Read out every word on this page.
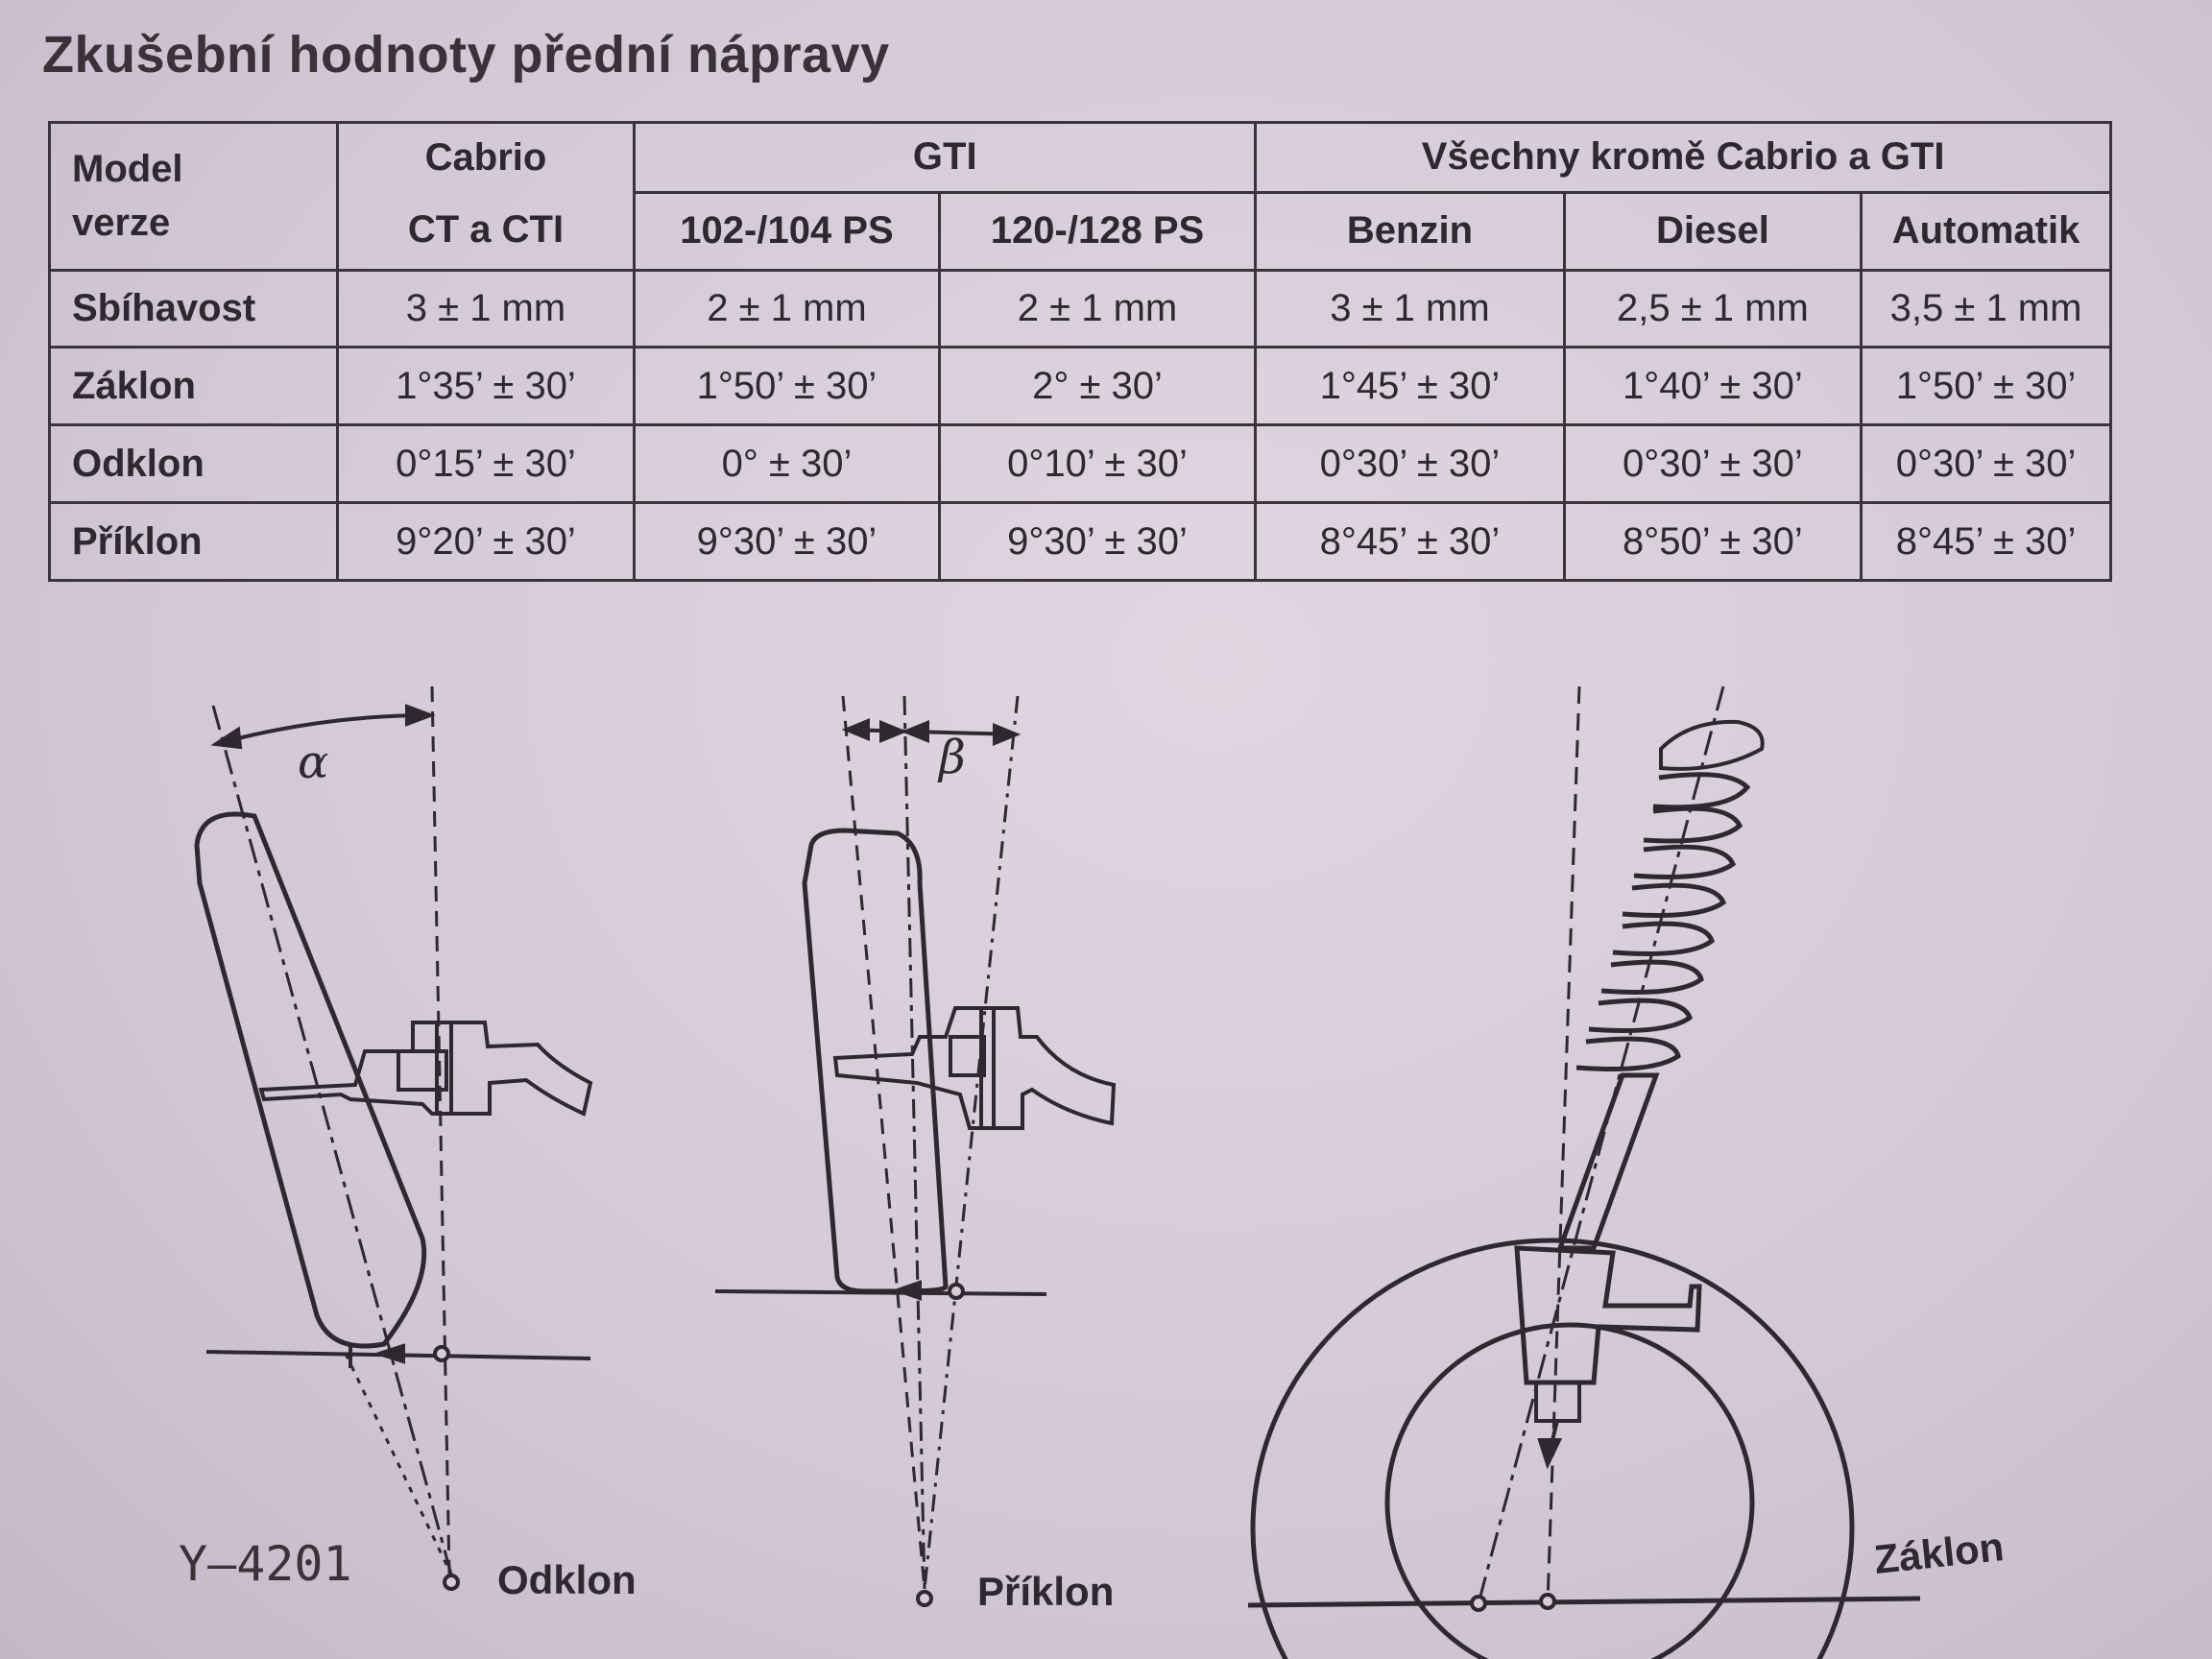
Zkušební hodnoty přední nápravy
Model
verze	Cabrio	GTI		Všechny kromě Cabrio a GTI		
	CT a CTI	102-/104 PS	120-/128 PS	Benzin	Diesel	Automatik
Sbíhavost	3 ± 1 mm	2 ± 1 mm	2 ± 1 mm	3 ± 1 mm	2,5 ± 1 mm	3,5 ± 1 mm
Záklon	1°35’ ± 30’	1°50’ ± 30’	2° ± 30’	1°45’ ± 30’	1°40’ ± 30’	1°50’ ± 30’
Odklon	0°15’ ± 30’	0° ± 30’	0°10’ ± 30’	0°30’ ± 30’	0°30’ ± 30’	0°30’ ± 30’
Příklon	9°20’ ± 30’	9°30’ ± 30’	9°30’ ± 30’	8°45’ ± 30’	8°50’ ± 30’	8°45’ ± 30’
α	β
Y–4201	Odklon	Příklon
Záklon
